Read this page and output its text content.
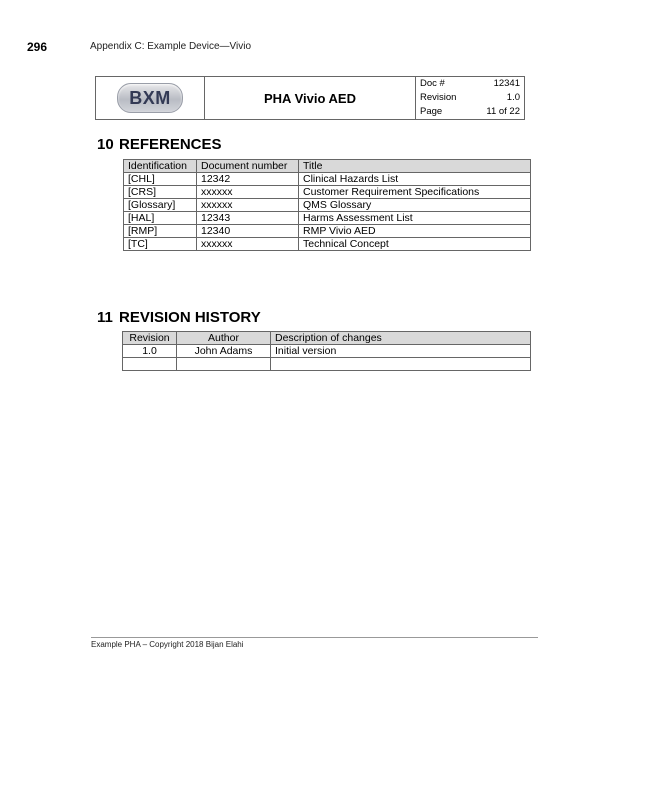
296	Appendix C: Example Device—Vivio
BXM	PHA Vivio AED	
Doc #	12341
Revision	1.0
Page	11 of 22
10 REFERENCES
Identification	Document number	Title
[CHL]	12342	Clinical Hazards List
[CRS]	xxxxxx	Customer Requirement Specifications
[Glossary]	xxxxxx	QMS Glossary
[HAL]	12343	Harms Assessment List
[RMP]	12340	RMP Vivio AED
[TC]	xxxxxx	Technical Concept
11 REVISION HISTORY
Revision	Author	Description of changes
1.0	John Adams	Initial version

Example PHA – Copyright 2018 Bijan Elahi
